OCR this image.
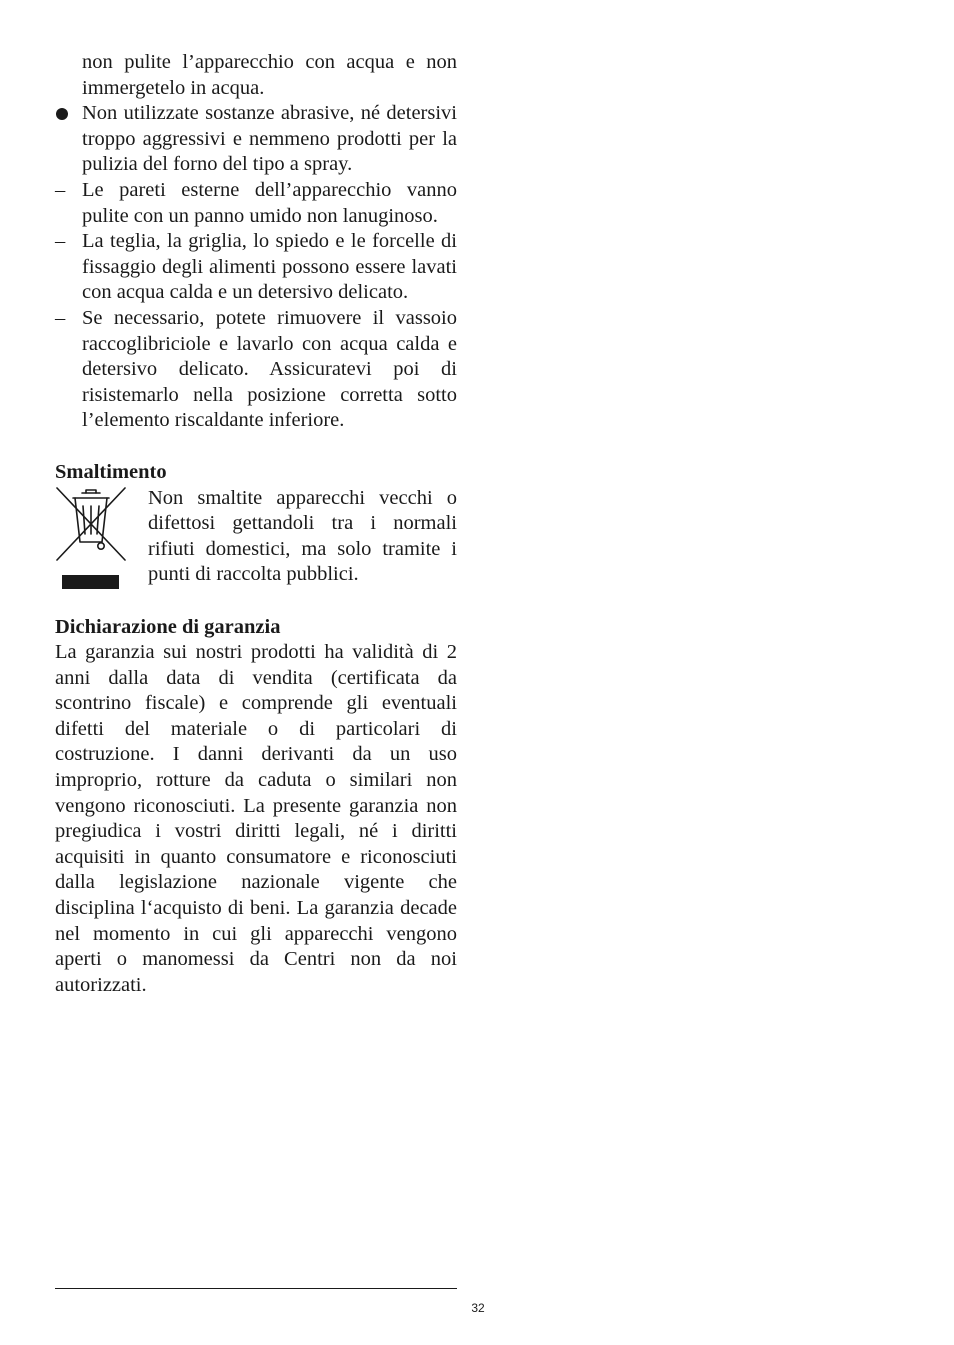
non pulite l’apparecchio con acqua e non immergetelo in acqua.

Non utilizzate sostanze abrasive, né detersivi troppo aggressivi e nemmeno prodotti per la pulizia del forno del tipo a spray.
– Le pareti esterne dell’apparecchio vanno pulite con un panno umido non lanuginoso.
– La teglia, la griglia, lo spiedo e le forcelle di fissaggio degli alimenti possono essere lavati con acqua calda e un detersivo delicato.
– Se necessario, potete rimuovere il vassoio raccoglibriciole e lavarlo con acqua calda e detersivo delicato. Assicuratevi poi di risistemarlo nella posizione corretta sotto l’elemento riscaldante inferiore.

Smaltimento

Non smaltite apparecchi vecchi o difettosi gettandoli tra i normali rifiuti domestici, ma solo tramite i punti di raccolta pubblici.

Dichiarazione di garanzia

La garanzia sui nostri prodotti ha validità di 2 anni dalla data di vendita (certificata da scontrino fiscale) e comprende gli eventuali difetti del materiale o di particolari di costruzione. I danni derivanti da un uso improprio, rotture da caduta o similari non vengono riconosciuti. La presente garanzia non pregiudica i vostri diritti legali, né i diritti acquisiti in quanto consumatore e riconosciuti dalla legislazione nazionale vigente che disciplina l‘acquisto di beni. La garanzia decade nel momento in cui gli apparecchi vengono aperti o manomessi da Centri non da noi autorizzati.

32
